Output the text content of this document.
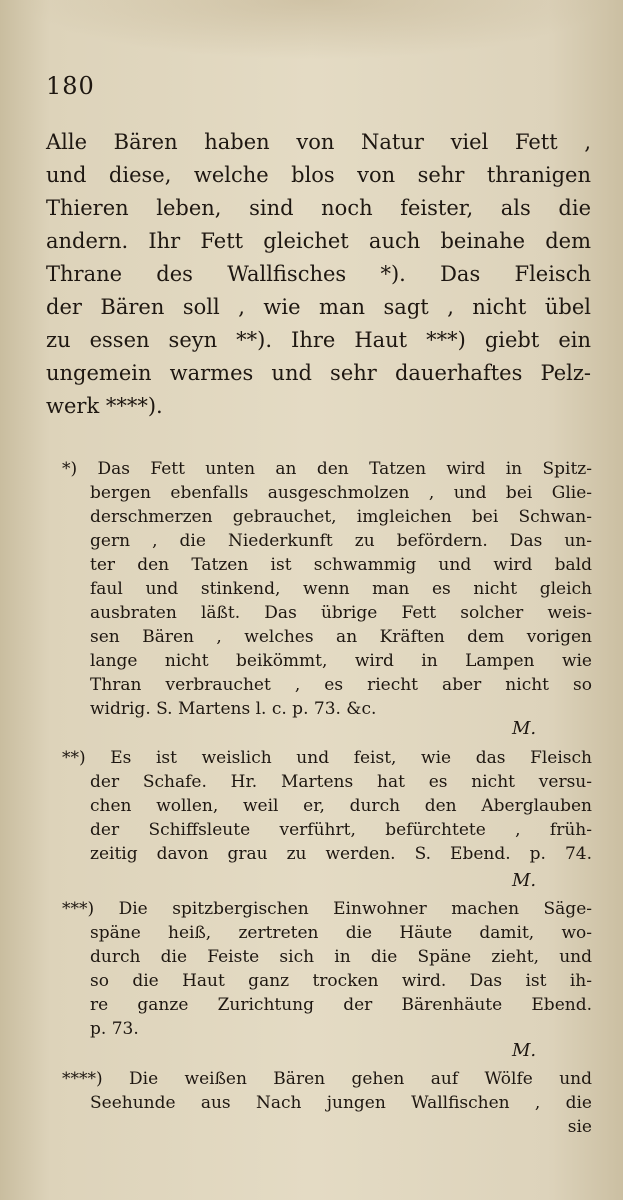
180
Alle Bären haben von Natur viel Fett ,
und diese, welche blos von sehr thranigen
Thieren leben, sind noch feister, als die
andern. Ihr Fett gleichet auch beinahe dem
Thrane des Wallfisches *). Das Fleisch
der Bären soll , wie man sagt , nicht übel
zu essen seyn **). Ihre Haut ***) giebt ein
ungemein warmes und sehr dauerhaftes Pelz-
werk ****).
*) Das Fett unten an den Tatzen wird in Spitz-
bergen ebenfalls ausgeschmolzen , und bei Glie-
derschmerzen gebrauchet, imgleichen bei Schwan-
gern , die Niederkunft zu befördern. Das un-
ter den Tatzen ist schwammig und wird bald
faul und stinkend, wenn man es nicht gleich
ausbraten läßt. Das übrige Fett solcher weis-
sen Bären , welches an Kräften dem vorigen
lange nicht beikömmt, wird in Lampen wie
Thran verbrauchet , es riecht aber nicht so
widrig. S. Martens l. c. p. 73. &c.
M.
**) Es ist weislich und feist, wie das Fleisch
der Schafe. Hr. Martens hat es nicht versu-
chen wollen, weil er, durch den Aberglauben
der Schiffsleute verführt, befürchtete , früh-
zeitig davon grau zu werden. S. Ebend. p. 74.
M.
***) Die spitzbergischen Einwohner machen Säge-
späne heiß, zertreten die Häute damit, wo-
durch die Feiste sich in die Späne zieht, und
so die Haut ganz trocken wird. Das ist ih-
re ganze Zurichtung der Bärenhäute Ebend.
p. 73.
M.
****) Die weißen Bären gehen auf Wölfe und
Seehunde aus Nach jungen Wallfischen , die
sie
